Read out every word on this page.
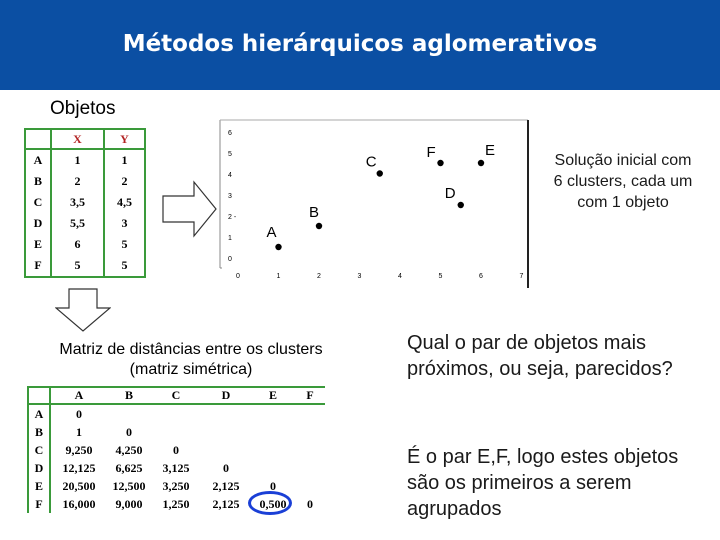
Métodos hierárquicos aglomerativos
Objetos
	X	Y
A	1	1
B	2	2
C	3,5	4,5
D	5,5	3
E	6	5
F	5	5
0	1	2	3	4	5	6	7
0
1
2 -
3
4
5
6
A
B
C
D
E
F	Solução inicial com 6 clusters, cada um com 1 objeto
Matriz de distâncias entre os clusters (matriz simétrica)
	A	B	C	D	E	F
A	0					
B	1	0				
C	9,250	4,250	0			
D	12,125	6,625	3,125	0		
E	20,500	12,500	3,250	2,125	0	
F	16,000	9,000	1,250	2,125	0,500	0
Qual o par de objetos mais próximos, ou seja, parecidos?
É o par E,F, logo estes objetos são os primeiros a serem agrupados
